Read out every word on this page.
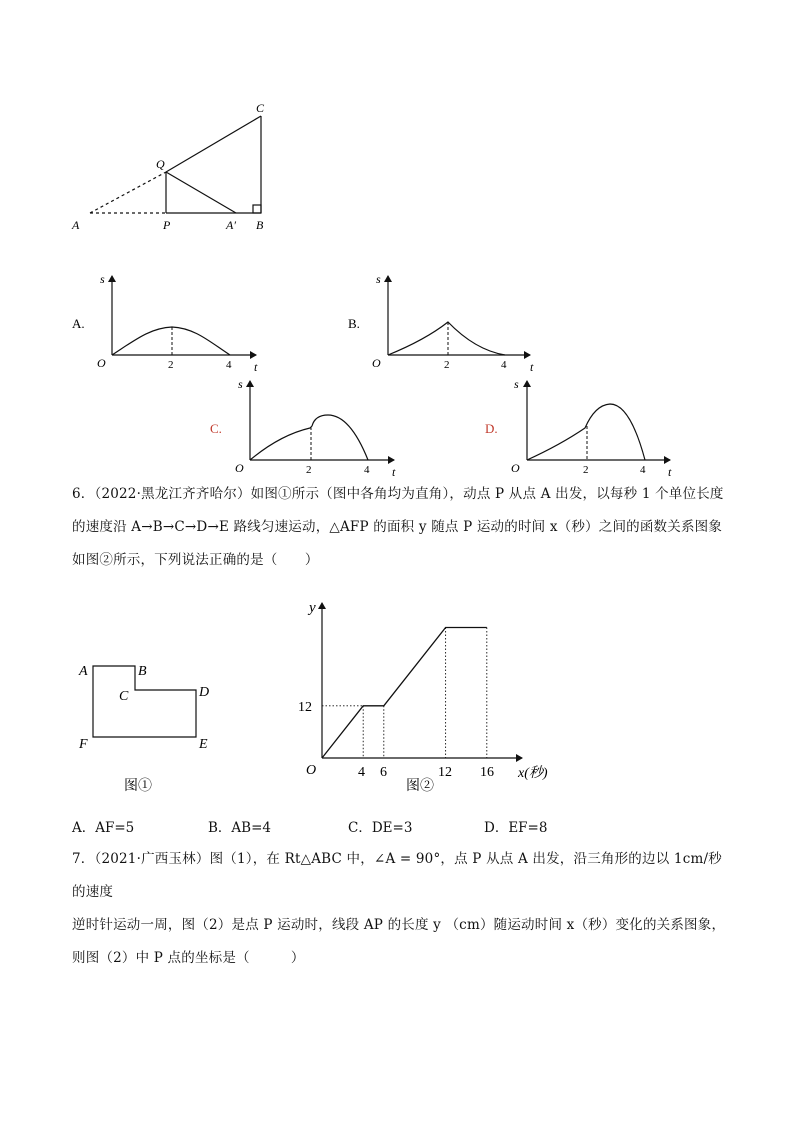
A	P	A′ B
Q
C
A.
s
O	2	4 t
B.
s
O	2	4 t
C.
s
O	2	4 t
D.
s
O	2	4 t
6．（2022·黑龙江齐齐哈尔）如图①所示（图中各角均为直角），动点 P 从点 A 出发，以每秒 1 个单位长度
的速度沿 A→B→C→D→E 路线匀速运动，△AFP 的面积 y 随点 P 运动的时间 x（秒）之间的函数关系图象
如图②所示，下列说法正确的是（　　）
A	B
C	D
E
F
图①
y
x(秒)
O
12
4 6	12 16
图②
A．AF=5	B．AB=4	C．DE=3	D．EF=8
7．（2021·广西玉林）图（1），在 Rt△ABC 中，∠A = 90°，点 P 从点 A 出发，沿三角形的边以 1cm/秒的速度
逆时针运动一周，图（2）是点 P 运动时，线段 AP 的长度 y （cm）随运动时间 x（秒）变化的关系图象，
则图（2）中 P 点的坐标是（　　　）
